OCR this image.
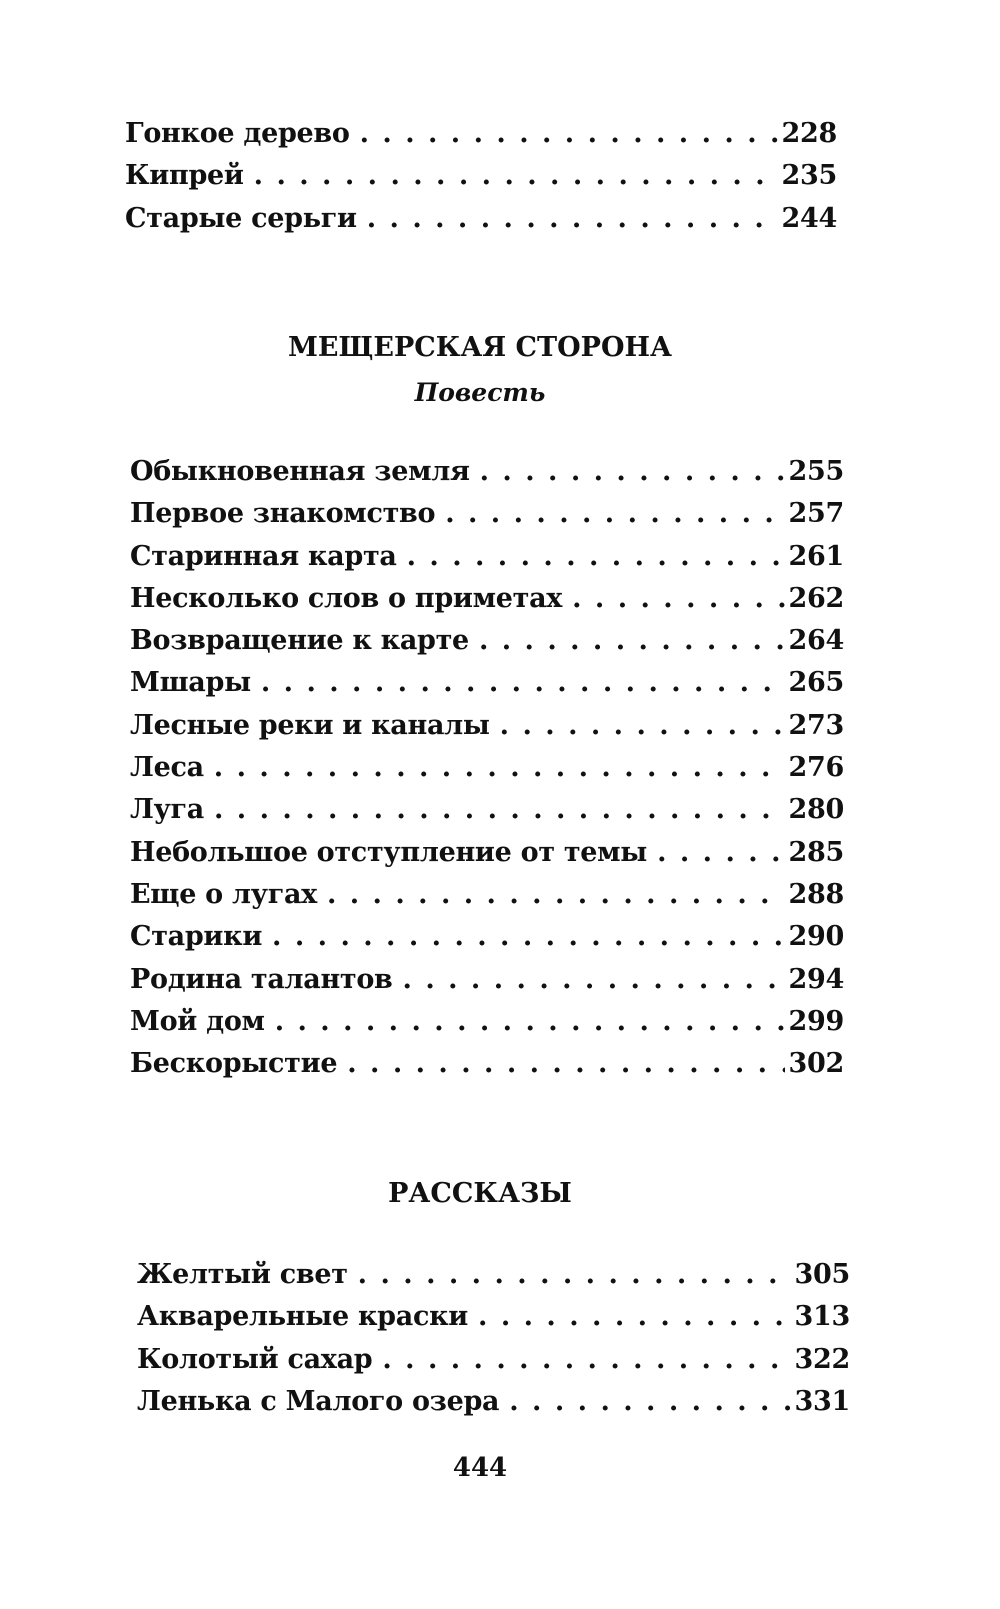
Гонкое дерево . . .	228
Кипрей . . .	235
Старые серьги . . .	244
МЕЩЕРСКАЯ СТОРОНА
Повесть
Обыкновенная земля . . .	255
Первое знакомство . . .	257
Старинная карта . . .	261
Несколько слов о приметах . . .	262
Возвращение к карте . . .	264
Мшары . . .	265
Лесные реки и каналы . . .	273
Леса . . .	276
Луга . . .	280
Небольшое отступление от темы . . .	285
Еще о лугах . . .	288
Старики . . .	290
Родина талантов . . .	294
Мой дом . . .	299
Бескорыстие . . .	302
РАССКАЗЫ
Желтый свет . . .	305
Акварельные краски . . .	313
Колотый сахар . . .	322
Ленька с Малого озера . . .	331
444
